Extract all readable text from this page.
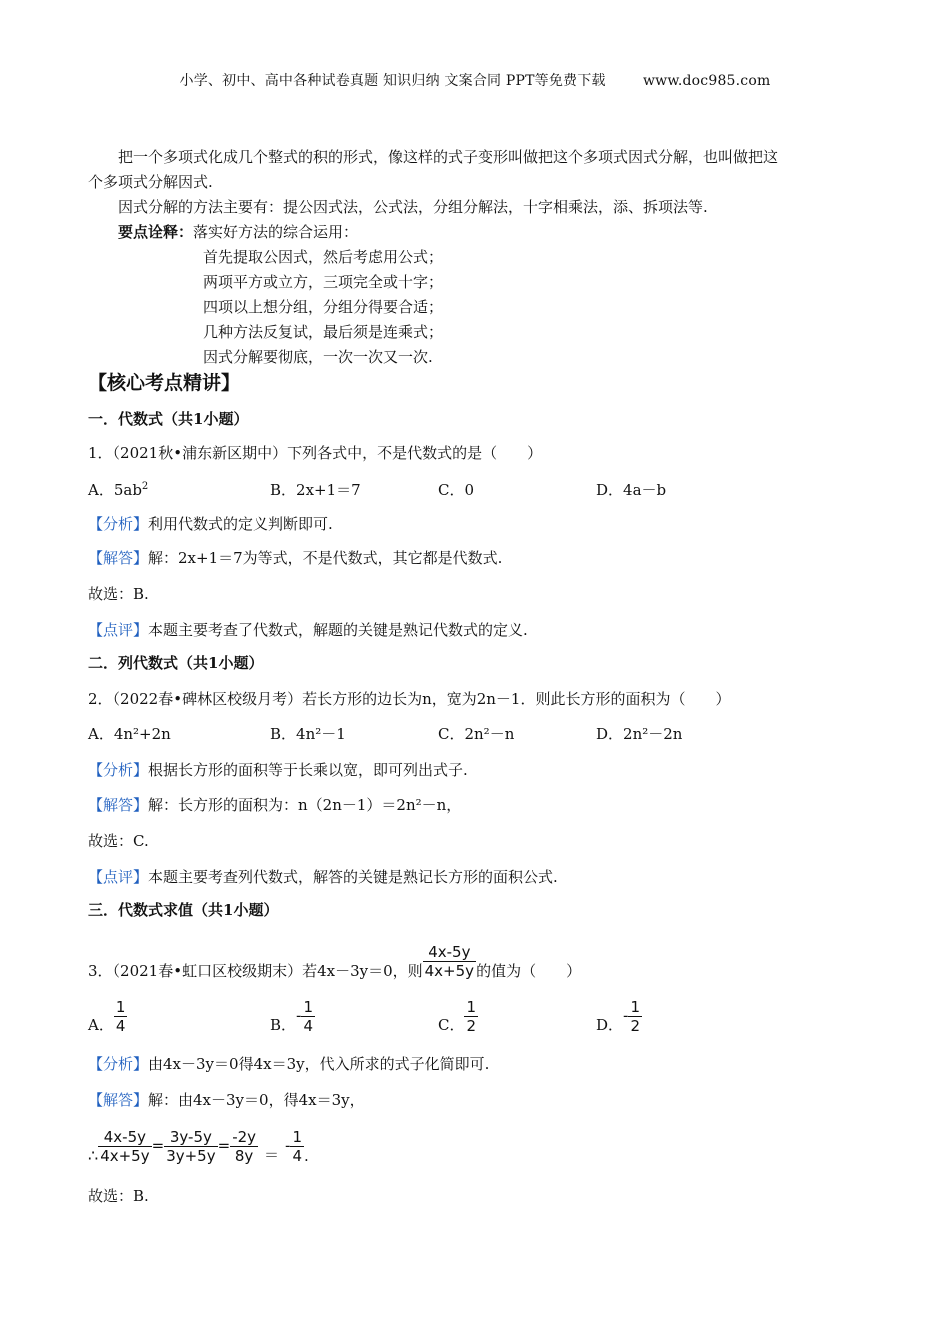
小学、初中、高中各种试卷真题 知识归纳 文案合同 PPT等免费下载	www.doc985.com
把一个多项式化成几个整式的积的形式，像这样的式子变形叫做把这个多项式因式分解，也叫做把这
个多项式分解因式.
因式分解的方法主要有：提公因式法，公式法，分组分解法，十字相乘法，添、拆项法等.
要点诠释：落实好方法的综合运用：
首先提取公因式，然后考虑用公式；
两项平方或立方，三项完全或十字；
四项以上想分组，分组分得要合适；
几种方法反复试，最后须是连乘式；
因式分解要彻底，一次一次又一次.
【核心考点精讲】
一．代数式（共1小题）
1．（2021秋•浦东新区期中）下列各式中，不是代数式的是（　　）
A．$5ab^2$	B．2x+1＝7	C．0	D．4a－b
【分析】利用代数式的定义判断即可.
【解答】解：2x+1＝7为等式，不是代数式，其它都是代数式.
故选：B.
【点评】本题主要考查了代数式，解题的关键是熟记代数式的定义.
二．列代数式（共1小题）
2．（2022春•碑林区校级月考）若长方形的边长为n，宽为2n－1．则此长方形的面积为（　　）
A．4n²+2n	B．4n²－1	C．2n²－n	D．2n²－2n
【分析】根据长方形的面积等于长乘以宽，即可列出式子.
【解答】解：长方形的面积为：n（2n－1）＝2n²－n，
故选：C.
【点评】本题主要考查列代数式，解答的关键是熟记长方形的面积公式.
三．代数式求值（共1小题）
3．（2021春•虹口区校级期末）若4x－3y＝0，则 $\frac{4x-5y}{4x+5y}$ 的值为（　　）
A． $\frac{1}{4}$	B．- $\frac{1}{4}$	C． $\frac{1}{2}$	D．- $\frac{1}{2}$
【分析】由4x－3y＝0得4x＝3y，代入所求的式子化简即可.
【解答】解：由4x－3y＝0，得4x＝3y，
∴ $\frac{4x-5y}{4x+5y} = \frac{3y-5y}{3y+5y} = \frac{-2y}{8y} =- \frac{1}{4}$ .
故选：B.
